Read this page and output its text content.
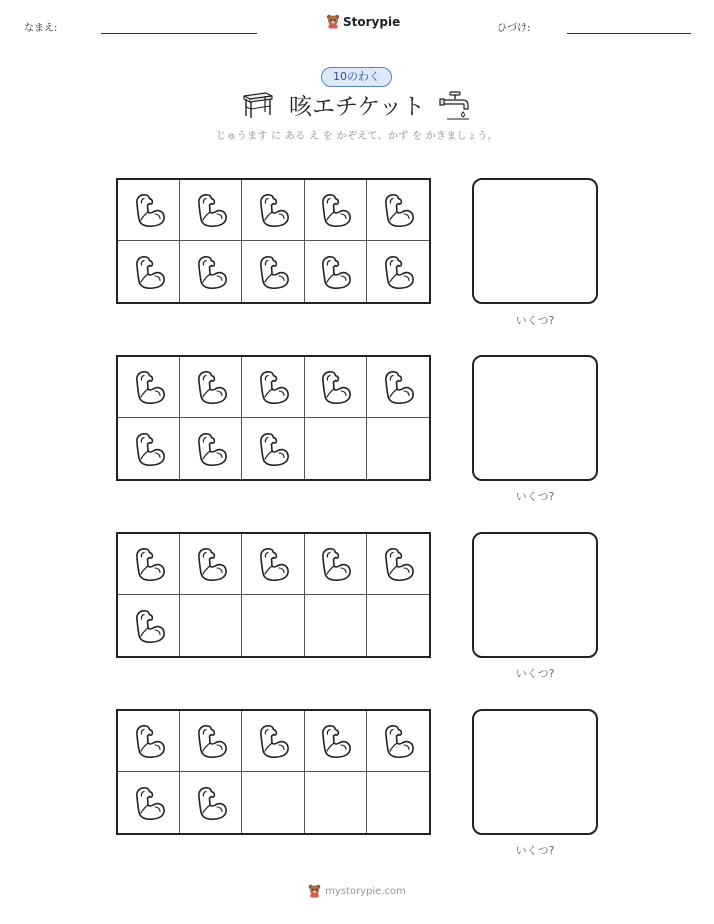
なまえ:	Storypie	ひづけ:
10のわく
咳エチケット
じゅうます に ある え を かぞえて、かず を かきましょう。
いくつ?
いくつ?
いくつ?
いくつ?
mystorypie.com
